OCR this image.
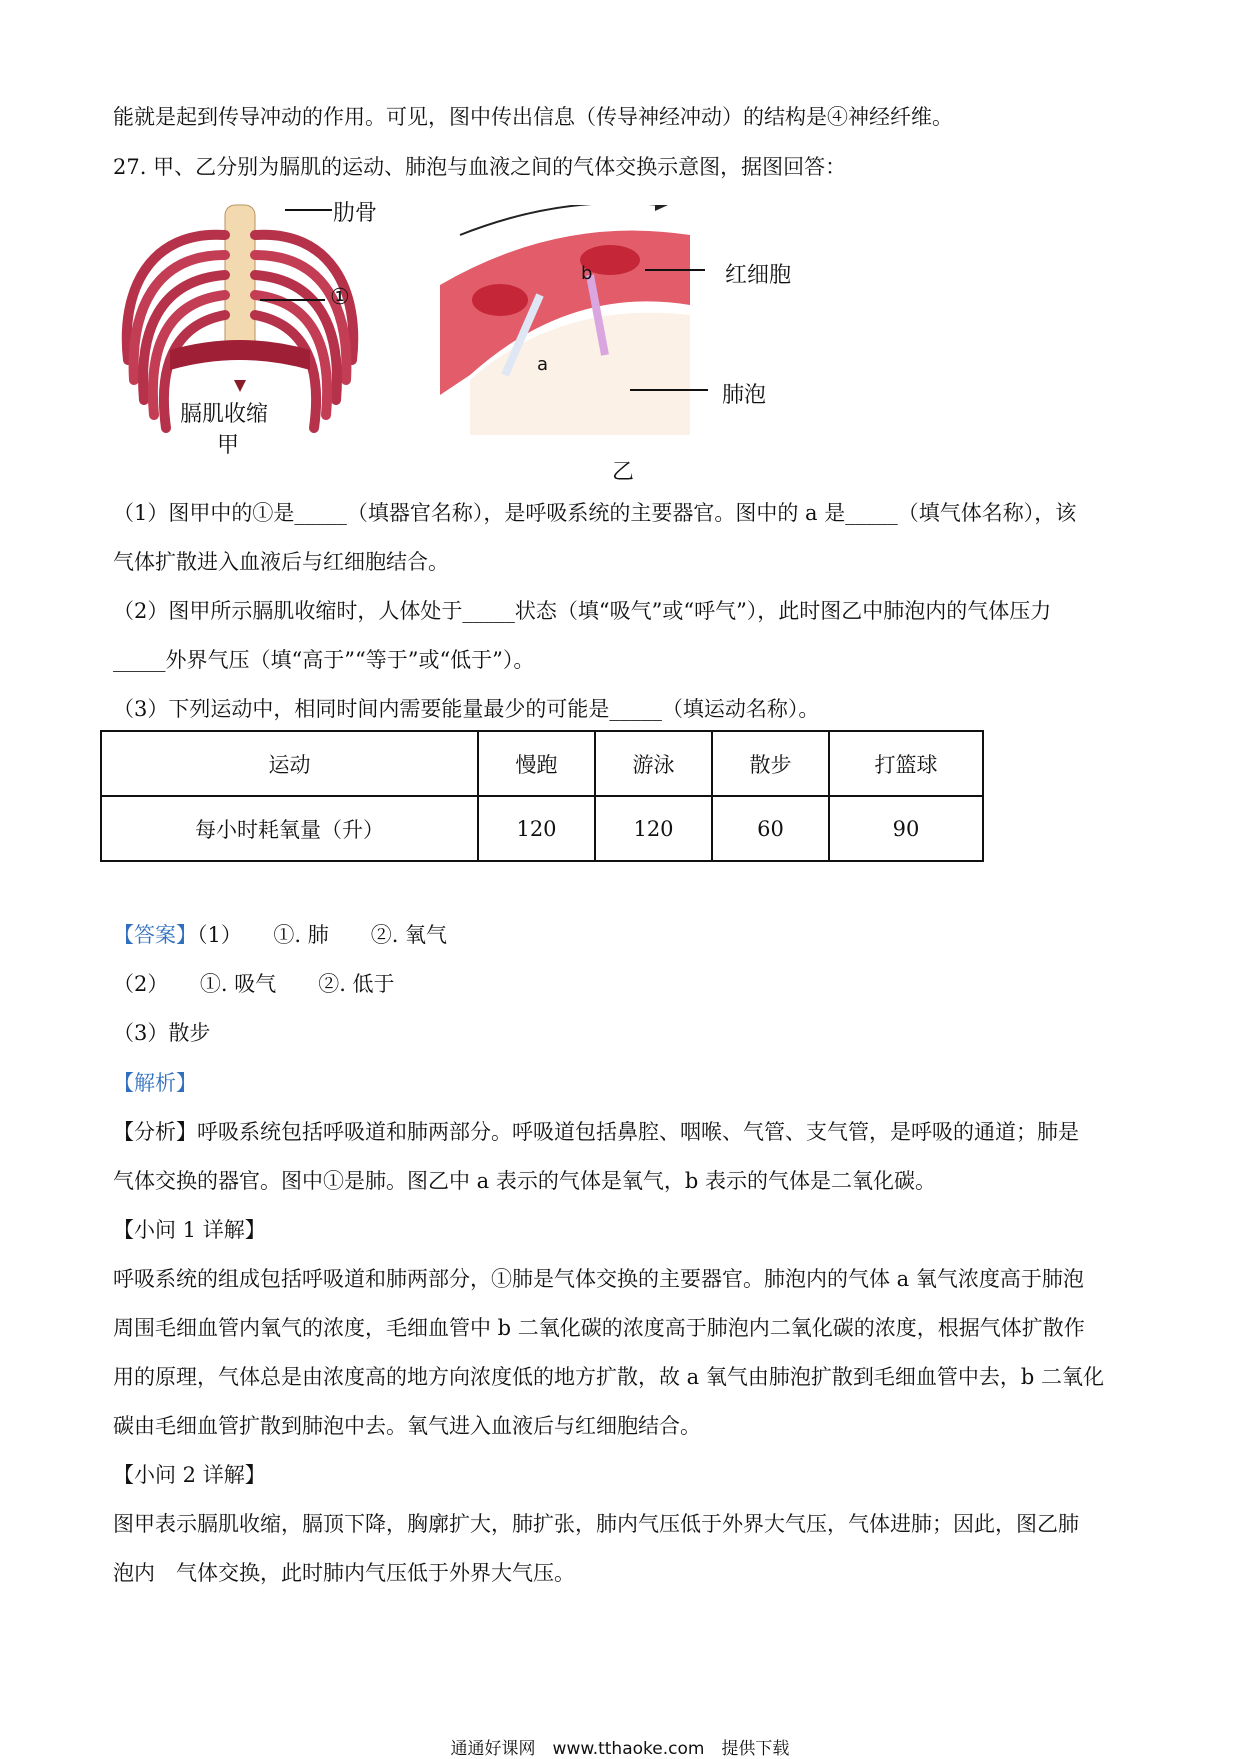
能就是起到传导冲动的作用。可见，图中传出信息（传导神经冲动）的结构是④神经纤维。
27. 甲、乙分别为膈肌的运动、肺泡与血液之间的气体交换示意图，据图回答：
肋骨
①
膈肌收缩
甲
红细胞
肺泡
a
b
乙
（1）图甲中的①是_____（填器官名称），是呼吸系统的主要器官。图中的 a 是_____（填气体名称），该
气体扩散进入血液后与红细胞结合。
（2）图甲所示膈肌收缩时，人体处于_____状态（填“吸气”或“呼气”），此时图乙中肺泡内的气体压力
_____外界气压（填“高于”“等于”或“低于”）。
（3）下列运动中，相同时间内需要能量最少的可能是_____（填运动名称）。
运动	慢跑	游泳	散步	打篮球
每小时耗氧量（升）	120	120	60	90
【答案】（1）　　①. 肺　　②. 氧气
（2）　　①. 吸气　　②. 低于
（3）散步
【解析】
【分析】呼吸系统包括呼吸道和肺两部分。呼吸道包括鼻腔、咽喉、气管、支气管，是呼吸的通道；肺是
气体交换的器官。图中①是肺。图乙中 a 表示的气体是氧气，b 表示的气体是二氧化碳。
【小问 1 详解】
呼吸系统的组成包括呼吸道和肺两部分，①肺是气体交换的主要器官。肺泡内的气体 a 氧气浓度高于肺泡
周围毛细血管内氧气的浓度，毛细血管中 b 二氧化碳的浓度高于肺泡内二氧化碳的浓度，根据气体扩散作
用的原理，气体总是由浓度高的地方向浓度低的地方扩散，故 a 氧气由肺泡扩散到毛细血管中去，b 二氧化
碳由毛细血管扩散到肺泡中去。氧气进入血液后与红细胞结合。
【小问 2 详解】
图甲表示膈肌收缩，膈顶下降，胸廓扩大，肺扩张，肺内气压低于外界大气压，气体进肺；因此，图乙肺
泡内　气体交换，此时肺内气压低于外界大气压。
通通好课网　www.tthaoke.com　提供下载
